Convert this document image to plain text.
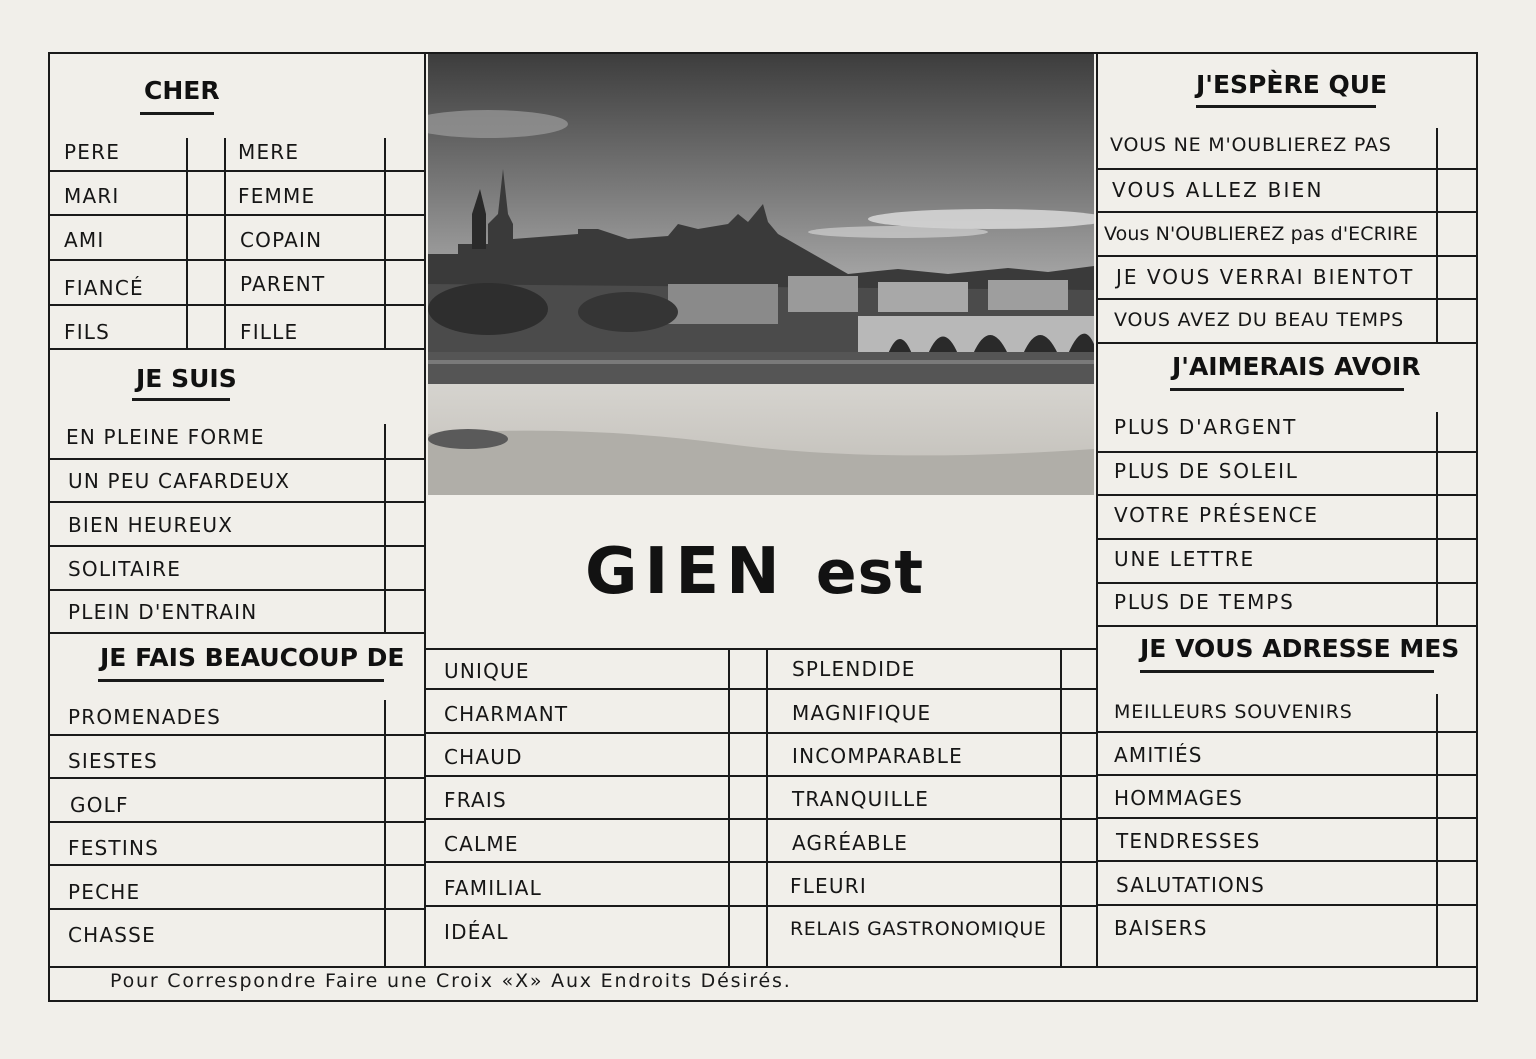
CHER
PERE
MARI
AMI
FIANCÉ
FILS
MERE
FEMME
COPAIN
PARENT
FILLE
JE SUIS
EN PLEINE FORME
UN PEU CAFARDEUX
BIEN HEUREUX
SOLITAIRE
PLEIN D'ENTRAIN
JE FAIS BEAUCOUP DE
PROMENADES
SIESTES
GOLF
FESTINS
PECHE
CHASSE
GIEN est
UNIQUE
CHARMANT
CHAUD
FRAIS
CALME
FAMILIAL
IDÉAL
SPLENDIDE
MAGNIFIQUE
INCOMPARABLE
TRANQUILLE
AGRÉABLE
FLEURI
RELAIS GASTRONOMIQUE
J'ESPÈRE QUE
VOUS NE M'OUBLIEREZ PAS
VOUS ALLEZ BIEN
Vous N'OUBLIEREZ pas d'ECRIRE
JE VOUS VERRAI BIENTOT
VOUS AVEZ DU BEAU TEMPS
J'AIMERAIS AVOIR
PLUS D'ARGENT
PLUS DE SOLEIL
VOTRE PRÉSENCE
UNE LETTRE
PLUS DE TEMPS
JE VOUS ADRESSE MES
MEILLEURS SOUVENIRS
AMITIÉS
HOMMAGES
TENDRESSES
SALUTATIONS
BAISERS
Pour Correspondre Faire une Croix «X» Aux Endroits Désirés.
